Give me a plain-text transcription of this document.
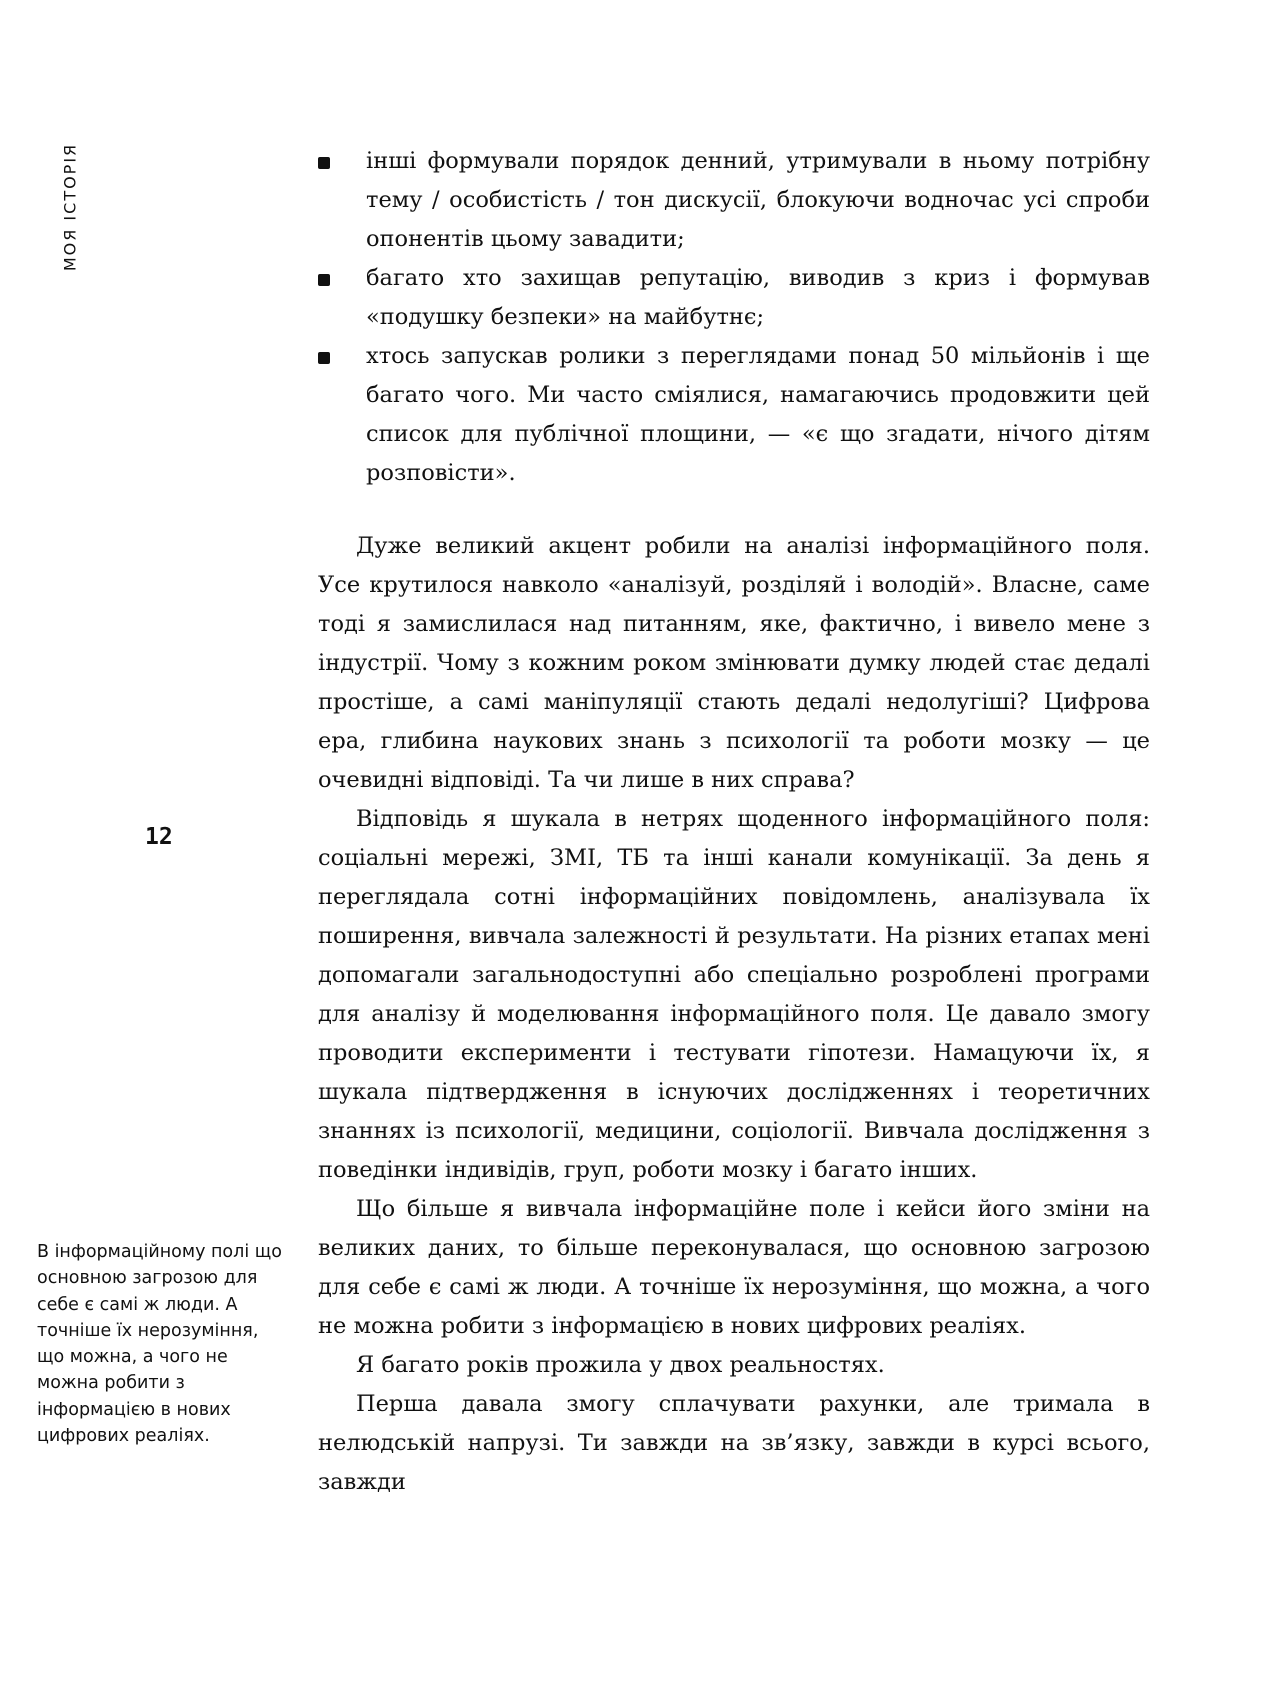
МОЯ ІСТОРІЯ
12
В інформаційному полі що основною загрозою для себе є самі ж люди. А точніше їх нерозуміння, що можна, а чого не можна робити з інформацією в нових цифрових реаліях.
інші формували порядок денний, утримували в ньому потрібну тему / особистість / тон дискусії, блокуючи водночас усі спроби опонентів цьому завадити;
багато хто захищав репутацію, виводив з криз і формував «подушку безпеки» на майбутнє;
хтось запускав ролики з переглядами понад 50 мільйонів і ще багато чого. Ми часто сміялися, намагаючись продовжити цей список для публічної площини, — «є що згадати, нічого дітям розповісти».

Дуже великий акцент робили на аналізі інформаційного поля. Усе крутилося навколо «аналізуй, розділяй і володій». Власне, саме тоді я замислилася над питанням, яке, фактично, і вивело мене з індустрії. Чому з кожним роком змінювати думку людей стає дедалі простіше, а самі маніпуляції стають дедалі недолугіші? Цифрова ера, глибина наукових знань з психології та роботи мозку — це очевидні відповіді. Та чи лише в них справа?

Відповідь я шукала в нетрях щоденного інформаційного поля: соціальні мережі, ЗМІ, ТБ та інші канали комунікації. За день я переглядала сотні інформаційних повідомлень, аналізувала їх поширення, вивчала залежності й результати. На різних етапах мені допомагали загальнодоступні або спеціально розроблені програми для аналізу й моделювання інформаційного поля. Це давало змогу проводити експерименти і тестувати гіпотези. Намацуючи їх, я шукала підтвердження в існуючих дослідженнях і теоретичних знаннях із психології, медицини, соціології. Вивчала дослідження з поведінки індивідів, груп, роботи мозку і багато інших.

Що більше я вивчала інформаційне поле і кейси його зміни на великих даних, то більше переконувалася, що основною загрозою для себе є самі ж люди. А точніше їх нерозуміння, що можна, а чого не можна робити з інформацією в нових цифрових реаліях.

Я багато років прожила у двох реальностях.

Перша давала змогу сплачувати рахунки, але тримала в нелюдській напрузі. Ти завжди на зв’язку, завжди в курсі всього, завжди
